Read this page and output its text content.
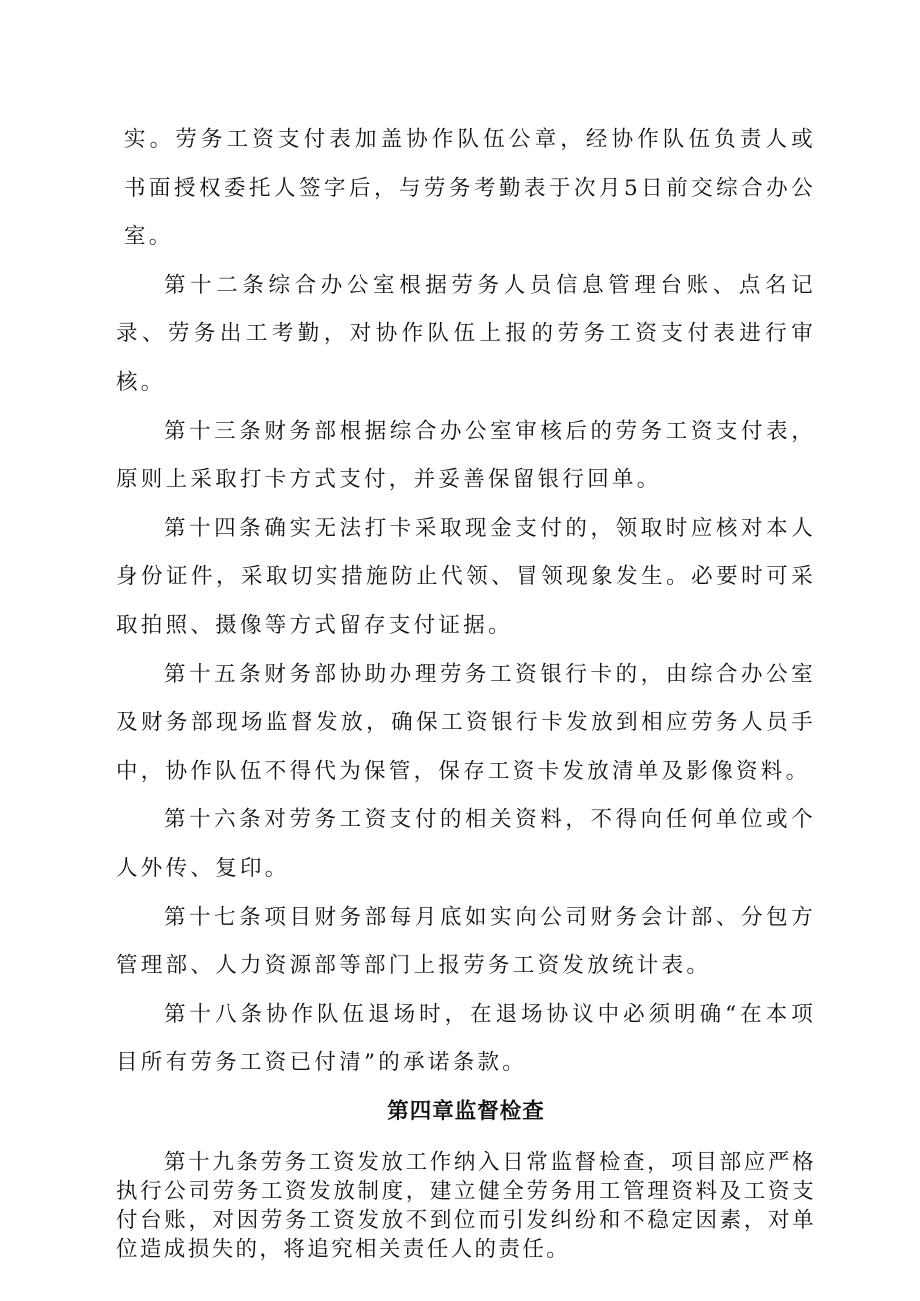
实。劳务工资支付表加盖协作队伍公章，经协作队伍负责人或书面授权委托人签字后，与劳务考勤表于次月5日前交综合办公室。

第十二条综合办公室根据劳务人员信息管理台账、点名记录、劳务出工考勤，对协作队伍上报的劳务工资支付表进行审核。

第十三条财务部根据综合办公室审核后的劳务工资支付表，原则上采取打卡方式支付，并妥善保留银行回单。

第十四条确实无法打卡采取现金支付的，领取时应核对本人身份证件，采取切实措施防止代领、冒领现象发生。必要时可采取拍照、摄像等方式留存支付证据。

第十五条财务部协助办理劳务工资银行卡的，由综合办公室及财务部现场监督发放，确保工资银行卡发放到相应劳务人员手中，协作队伍不得代为保管，保存工资卡发放清单及影像资料。

第十六条对劳务工资支付的相关资料，不得向任何单位或个人外传、复印。

第十七条项目财务部每月底如实向公司财务会计部、分包方管理部、人力资源部等部门上报劳务工资发放统计表。

第十八条协作队伍退场时，在退场协议中必须明确“在本项目所有劳务工资已付清”的承诺条款。

第四章监督检查

第十九条劳务工资发放工作纳入日常监督检查，项目部应严格执行公司劳务工资发放制度，建立健全劳务用工管理资料及工资支付台账，对因劳务工资发放不到位而引发纠纷和不稳定因素，对单位造成损失的，将追究相关责任人的责任。
